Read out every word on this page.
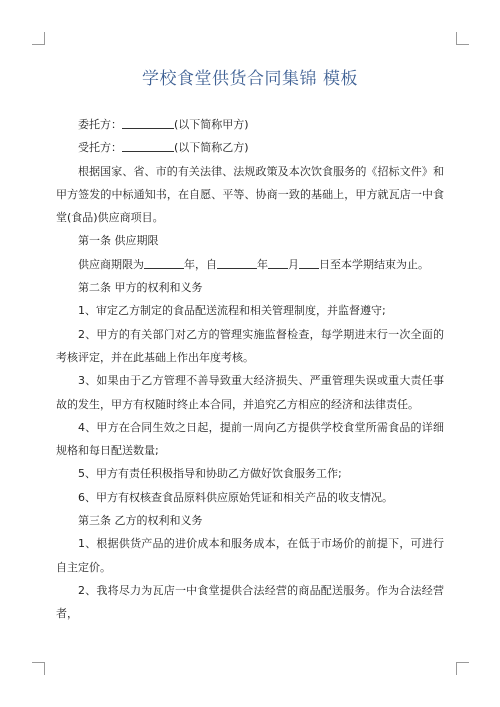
学校食堂供货合同集锦 模板

委托方：	(以下简称甲方)

受托方：	(以下简称乙方)

根据国家、省、市的有关法律、法规政策及本次饮食服务的《招标文件》和甲方签发的中标通知书，在自愿、平等、协商一致的基础上，甲方就瓦店一中食堂(食品)供应商项目。

第一条 供应期限

供应商期限为	年，自	年 月 日至本学期结束为止。

第二条 甲方的权利和义务

1、审定乙方制定的食品配送流程和相关管理制度，并监督遵守;

2、甲方的有关部门对乙方的管理实施监督检查，每学期进末行一次全面的考核评定，并在此基础上作出年度考核。

3、如果由于乙方管理不善导致重大经济损失、严重管理失误或重大责任事故的发生，甲方有权随时终止本合同，并追究乙方相应的经济和法律责任。

4、甲方在合同生效之日起，提前一周向乙方提供学校食堂所需食品的详细规格和每日配送数量;

5、甲方有责任积极指导和协助乙方做好饮食服务工作;

6、甲方有权核查食品原料供应原始凭证和相关产品的收支情况。

第三条 乙方的权利和义务

1、根据供货产品的进价成本和服务成本，在低于市场价的前提下，可进行自主定价。

2、我将尽力为瓦店一中食堂提供合法经营的商品配送服务。作为合法经营者，
